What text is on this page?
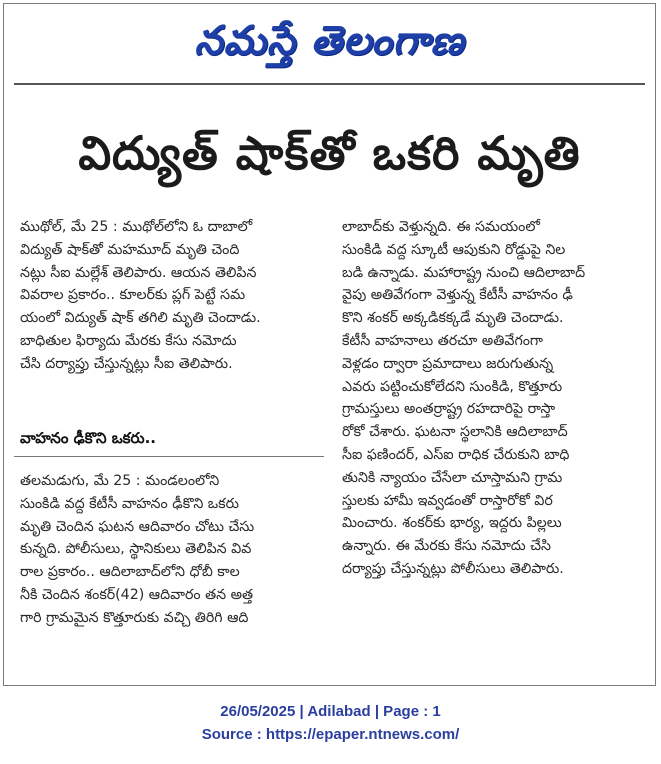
నమస్తే తెలంగాణ
విద్యుత్ షాక్‌తో ఒకరి మృతి
ముథోల్, మే 25 : ముథోల్‌లోని ఓ దాబాలో
విద్యుత్ షాక్‌తో మహమూద్ మృతి చెంది
నట్లు సీఐ మల్లేశ్ తెలిపారు. ఆయన తెలిపిన
వివరాల ప్రకారం.. కూలర్‌కు ప్లగ్ పెట్టే సమ
యంలో విద్యుత్ షాక్ తగిలి మృతి చెందాడు.
బాధితుల ఫిర్యాదు మేరకు కేసు నమోదు
చేసి దర్యాప్తు చేస్తున్నట్లు సీఐ తెలిపారు.
వాహనం ఢీకొని ఒకరు..
తలమడుగు, మే 25 : మండలంలోని
సుంకిడి వద్ద కేటీసీ వాహనం ఢీకొని ఒకరు
మృతి చెందిన ఘటన ఆదివారం చోటు చేసు
కున్నది. పోలీసులు, స్థానికులు తెలిపిన వివ
రాల ప్రకారం.. ఆదిలాబాద్‌లోని ధోబీ కాల
నీకి చెందిన శంకర్(42) ఆదివారం తన అత్త
గారి గ్రామమైన కొత్తూరుకు వచ్చి తిరిగి ఆది
లాబాద్‌కు వెళ్తున్నది. ఈ సమయంలో
సుంకిడి వద్ద స్కూటీ ఆపుకుని రోడ్డుపై నిల
బడి ఉన్నాడు. మహారాష్ట్ర నుంచి ఆదిలాబాద్
వైపు అతివేగంగా వెళ్తున్న కేటీసీ వాహనం ఢీ
కొని శంకర్ అక్కడికక్కడే మృతి చెందాడు.
కేటీసీ వాహనాలు తరచూ అతివేగంగా
వెళ్లడం ద్వారా ప్రమాదాలు జరుగుతున్న
ఎవరు పట్టించుకోలేదని సుంకిడి, కొత్తూరు
గ్రామస్తులు అంతర్రాష్ట్ర రహదారిపై రాస్తా
రోకో చేశారు. ఘటనా స్థలానికి ఆదిలాబాద్
సీఐ ఫణిందర్, ఎస్ఐ రాధిక చేరుకుని బాధి
తునికి న్యాయం చేసేలా చూస్తామని గ్రామ
స్తులకు హామీ ఇవ్వడంతో రాస్తారోకో విర
మించారు. శంకర్‌కు భార్య, ఇద్దరు పిల్లలు
ఉన్నారు. ఈ మేరకు కేసు నమోదు చేసి
దర్యాప్తు చేస్తున్నట్లు పోలీసులు తెలిపారు.
26/05/2025 | Adilabad | Page : 1
Source : https://epaper.ntnews.com/
